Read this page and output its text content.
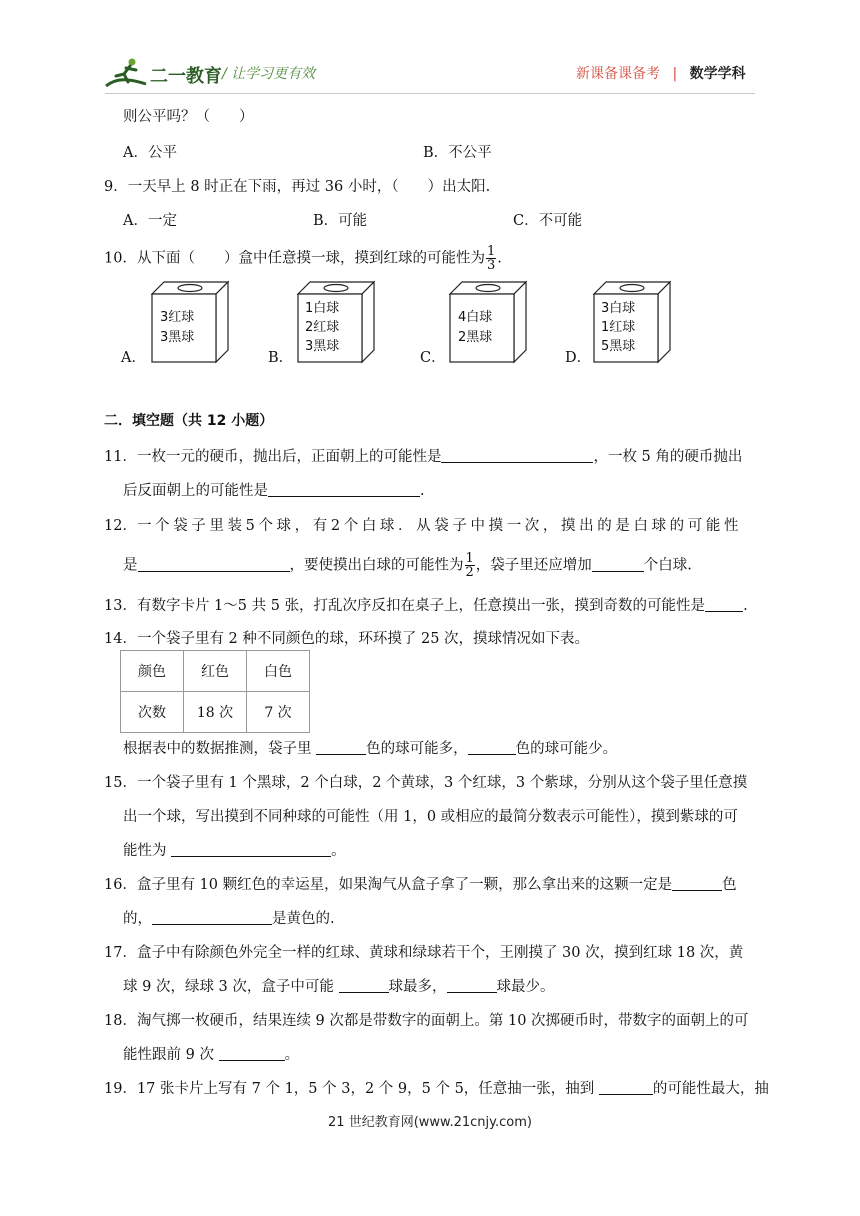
二一教育 / 让学习更有效	新课备课备考 | 数学学科
则公平吗？（　　）
A．公平	B．不公平
9．一天早上 8 时正在下雨，再过 36 小时，（　　）出太阳.
A．一定	B．可能	C．不可能
10．从下面（　　）盒中任意摸一球，摸到红球的可能性为 $\frac{1}{3}$ .
A．
3红球
3黑球
B．
1白球
2红球
3黑球
C．
4白球
2黑球
D．
3白球
1红球
5黑球
二．填空题（共 12 小题）
11．一枚一元的硬币，抛出后，正面朝上的可能性是	，一枚 5 角的硬币抛出
后反面朝上的可能性是	.
12．一 个 袋 子 里 装 5 个 球 ， 有 2 个 白 球 ． 从 袋 子 中 摸 一 次 ， 摸 出 的 是 白 球 的 可 能 性
是	，要使摸出白球的可能性为 $\frac{1}{2}$ ，袋子里还应增加	个白球.
13．有数字卡片 1～5 共 5 张，打乱次序反扣在桌子上，任意摸出一张，摸到奇数的可能性是	.
14．一个袋子里有 2 种不同颜色的球，环环摸了 25 次，摸球情况如下表。
颜色	红色	白色
次数	18 次	7 次
根据表中的数据推测，袋子里	色的球可能多，	色的球可能少。
15．一个袋子里有 1 个黑球，2 个白球，2 个黄球，3 个红球，3 个紫球，分别从这个袋子里任意摸
出一个球，写出摸到不同种球的可能性（用 1，0 或相应的最简分数表示可能性），摸到紫球的可
能性为	。
16．盒子里有 10 颗红色的幸运星，如果淘气从盒子拿了一颗，那么拿出来的这颗一定是	色
的，	是黄色的.
17．盒子中有除颜色外完全一样的红球、黄球和绿球若干个，王刚摸了 30 次，摸到红球 18 次，黄
球 9 次，绿球 3 次，盒子中可能	球最多，	球最少。
18．淘气掷一枚硬币，结果连续 9 次都是带数字的面朝上。第 10 次掷硬币时，带数字的面朝上的可
能性跟前 9 次	。
19．17 张卡片上写有 7 个 1，5 个 3，2 个 9，5 个 5，任意抽一张，抽到	的可能性最大，抽
21 世纪教育网(www.21cnjy.com)
